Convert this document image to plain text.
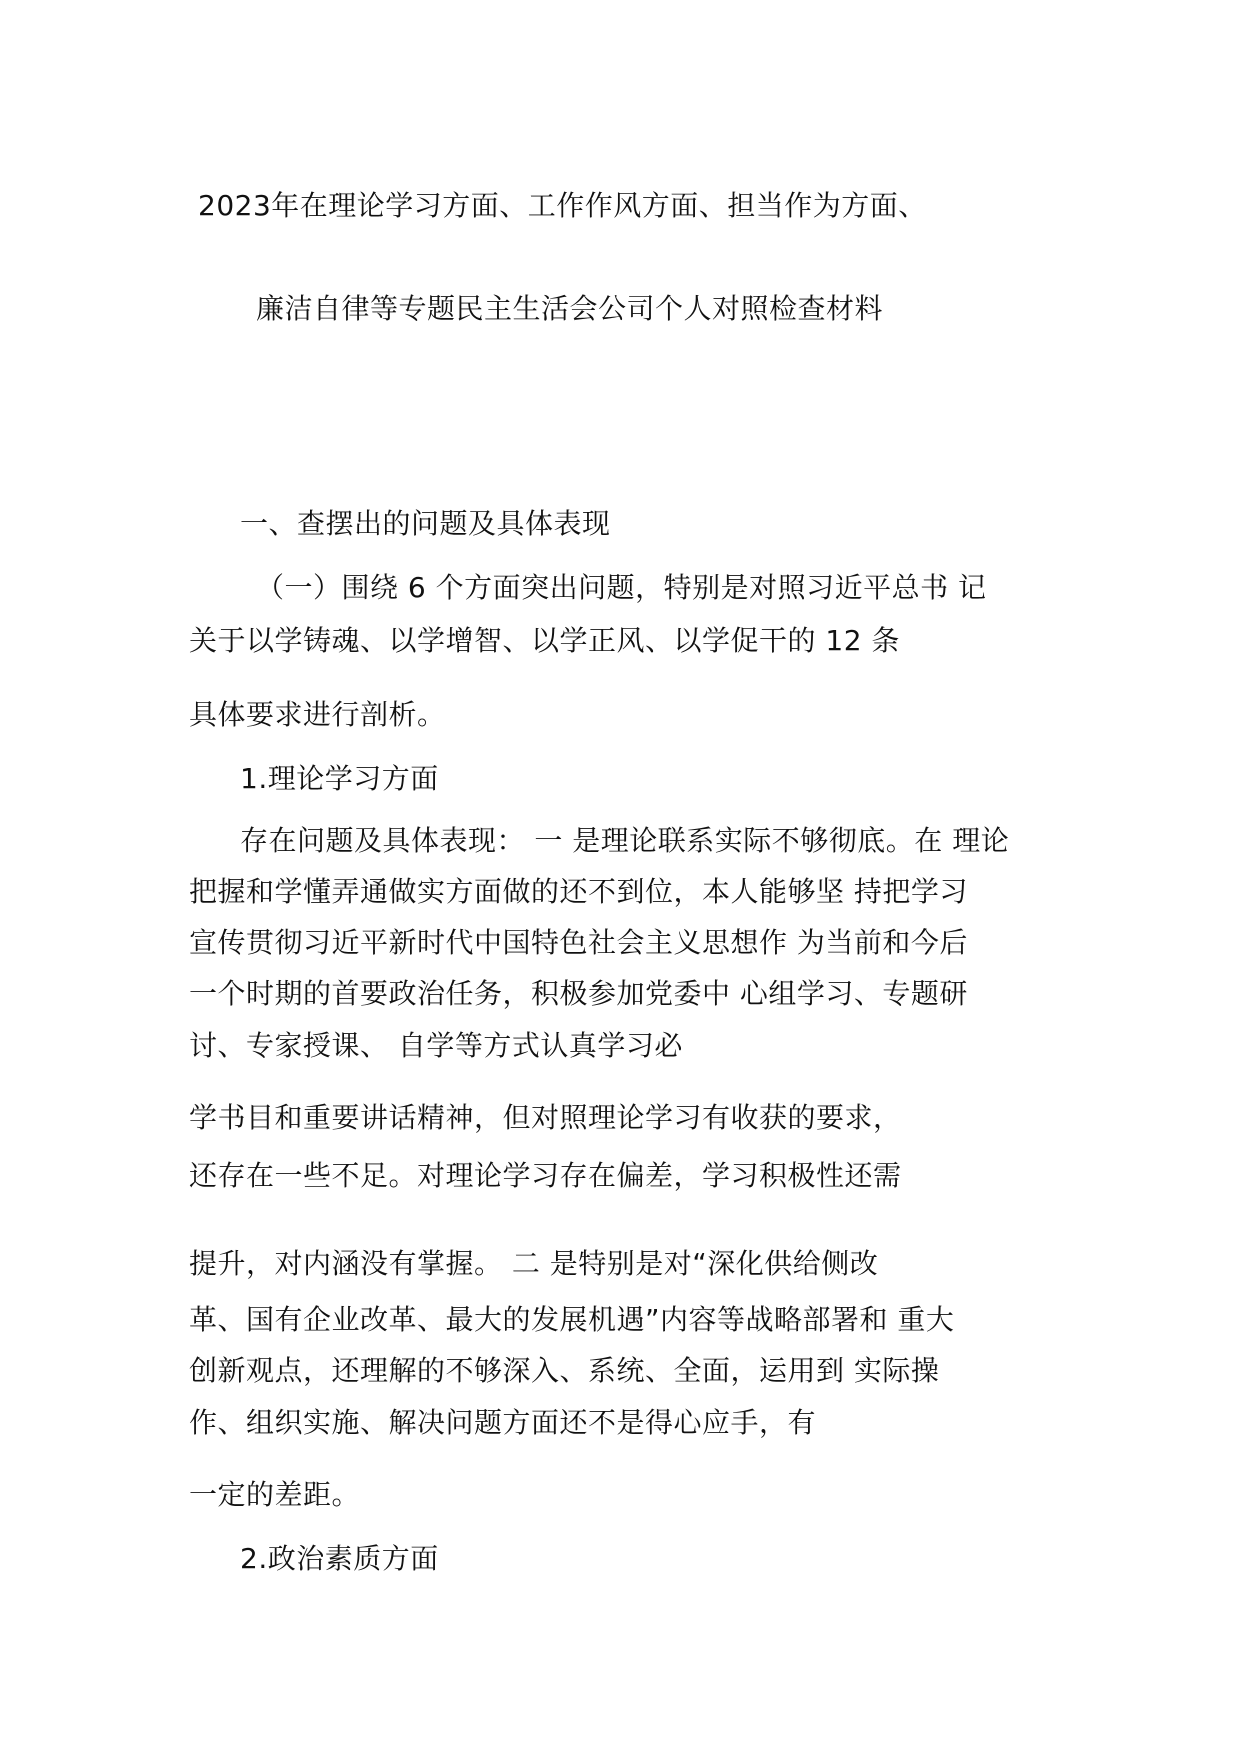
2023年在理论学习方面、工作作风方面、担当作为方面、
廉洁自律等专题民主生活会公司个人对照检查材料
一、查摆出的问题及具体表现
（一）围绕 6 个方面突出问题，特别是对照习近平总书 记
关于以学铸魂、以学增智、以学正风、以学促干的 12 条
具体要求进行剖析。
1.理论学习方面
存在问题及具体表现： 一 是理论联系实际不够彻底。在 理论
把握和学懂弄通做实方面做的还不到位，本人能够坚 持把学习
宣传贯彻习近平新时代中国特色社会主义思想作 为当前和今后
一个时期的首要政治任务，积极参加党委中 心组学习、专题研
讨、专家授课、 自学等方式认真学习必
学书目和重要讲话精神，但对照理论学习有收获的要求，
还存在一些不足。对理论学习存在偏差，学习积极性还需
提升，对内涵没有掌握。 二 是特别是对“深化供给侧改
革、国有企业改革、最大的发展机遇”内容等战略部署和 重大
创新观点，还理解的不够深入、系统、全面，运用到 实际操
作、组织实施、解决问题方面还不是得心应手，有
一定的差距。
2.政治素质方面
